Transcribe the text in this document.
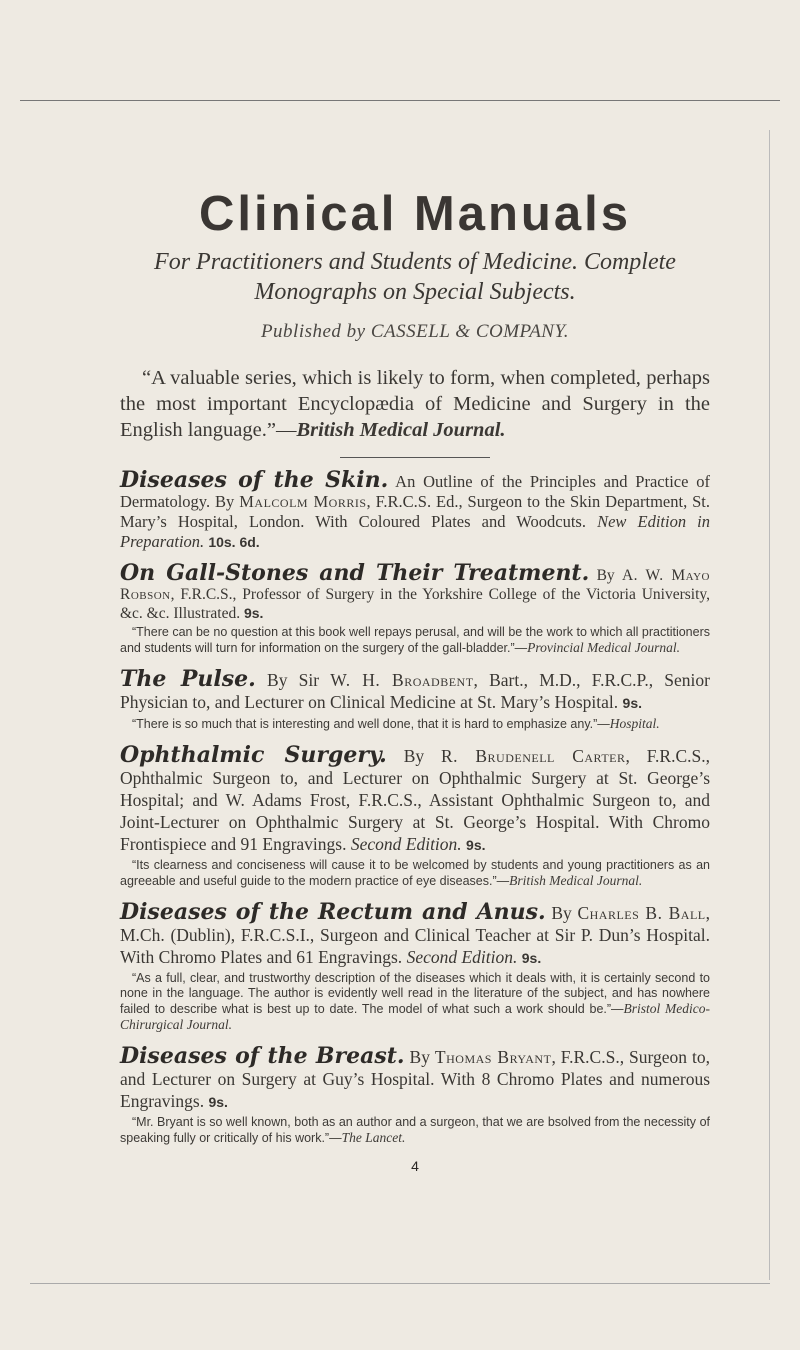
Clinical Manuals
For Practitioners and Students of Medicine. Complete
Monographs on Special Subjects.
Published by CASSELL & COMPANY.
“A valuable series, which is likely to form, when completed, perhaps the most important Encyclopædia of Medicine and Surgery in the English language.”—British Medical Journal.
Diseases of the Skin. An Outline of the Principles and Practice of Dermatology. By Malcolm Morris, F.R.C.S. Ed., Surgeon to the Skin Department, St. Mary’s Hospital, London. With Coloured Plates and Woodcuts. New Edition in Preparation. 10s. 6d.
On Gall-Stones and Their Treatment. By A. W. Mayo Robson, F.R.C.S., Professor of Surgery in the Yorkshire College of the Victoria University, &c. &c. Illustrated. 9s.
“There can be no question at this book well repays perusal, and will be the work to which all practitioners and students will turn for information on the surgery of the gall-bladder.”—Provincial Medical Journal.
The Pulse. By Sir W. H. Broadbent, Bart., M.D., F.R.C.P., Senior Physician to, and Lecturer on Clinical Medicine at St. Mary’s Hospital. 9s.
“There is so much that is interesting and well done, that it is hard to emphasize any.”—Hospital.
Ophthalmic Surgery. By R. Brudenell Carter, F.R.C.S., Ophthalmic Surgeon to, and Lecturer on Ophthalmic Surgery at St. George’s Hospital; and W. Adams Frost, F.R.C.S., Assistant Ophthalmic Surgeon to, and Joint-Lecturer on Ophthalmic Surgery at St. George’s Hospital. With Chromo Frontispiece and 91 Engravings. Second Edition. 9s.
“Its clearness and conciseness will cause it to be welcomed by students and young practitioners as an agreeable and useful guide to the modern practice of eye diseases.”—British Medical Journal.
Diseases of the Rectum and Anus. By Charles B. Ball, M.Ch. (Dublin), F.R.C.S.I., Surgeon and Clinical Teacher at Sir P. Dun’s Hospital. With Chromo Plates and 61 Engravings. Second Edition. 9s.
“As a full, clear, and trustworthy description of the diseases which it deals with, it is certainly second to none in the language. The author is evidently well read in the literature of the subject, and has nowhere failed to describe what is best up to date. The model of what such a work should be.”—Bristol Medico-Chirurgical Journal.
Diseases of the Breast. By Thomas Bryant, F.R.C.S., Surgeon to, and Lecturer on Surgery at Guy’s Hospital. With 8 Chromo Plates and numerous Engravings. 9s.
“Mr. Bryant is so well known, both as an author and a surgeon, that we are bsolved from the necessity of speaking fully or critically of his work.”—The Lancet.
4
